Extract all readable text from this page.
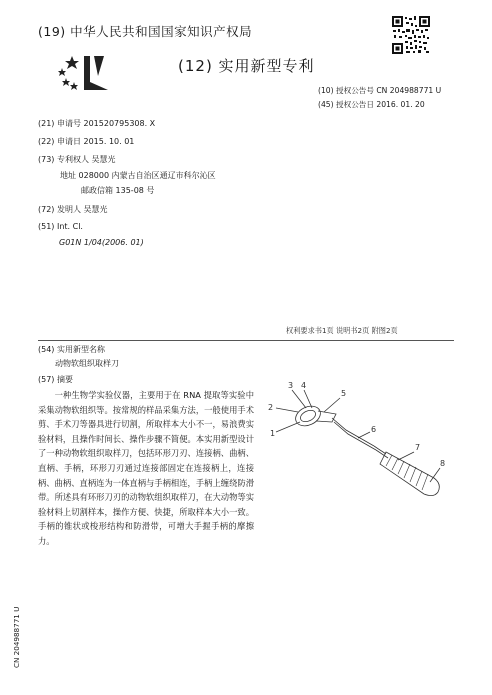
(19) 中华人民共和国国家知识产权局
(12) 实用新型专利
(10) 授权公告号 CN 204988771 U
(45) 授权公告日 2016. 01. 20
(21) 申请号 201520795308. X
(22) 申请日 2015. 10. 01
(73) 专利权人 吴慧光
地址 028000 内蒙古自治区通辽市科尔沁区
邮政信箱 135-08 号
(72) 发明人 吴慧光
(51) Int. Cl.
G01N 1/04(2006. 01)
权利要求书1页 说明书2页 附图2页
(54) 实用新型名称
动物软组织取样刀
(57) 摘要
一种生物学实验仪器，主要用于在 RNA 提取等实验中采集动物软组织等。按常规的样品采集方法，一般使用手术剪、手术刀等器具进行切割，所取样本大小不一，易浪费实验材料，且操作时间长、操作步骤不简便。本实用新型设计了一种动物软组织取样刀，包括环形刀刃、连接柄、曲柄、直柄、手柄，环形刀刃通过连接部固定在连接柄上，连接柄、曲柄、直柄连为一体直柄与手柄相连，手柄上缠绕防滑带。所述具有环形刀刃的动物软组织取样刀，在大动物等实验材料上切割样本，操作方便、快捷，所取样本大小一致。手柄的锥状或梭形结构和防滑带，可增大手握手柄的摩擦力。
1
2
3 4
5
6
7
8
CN 204988771 U
